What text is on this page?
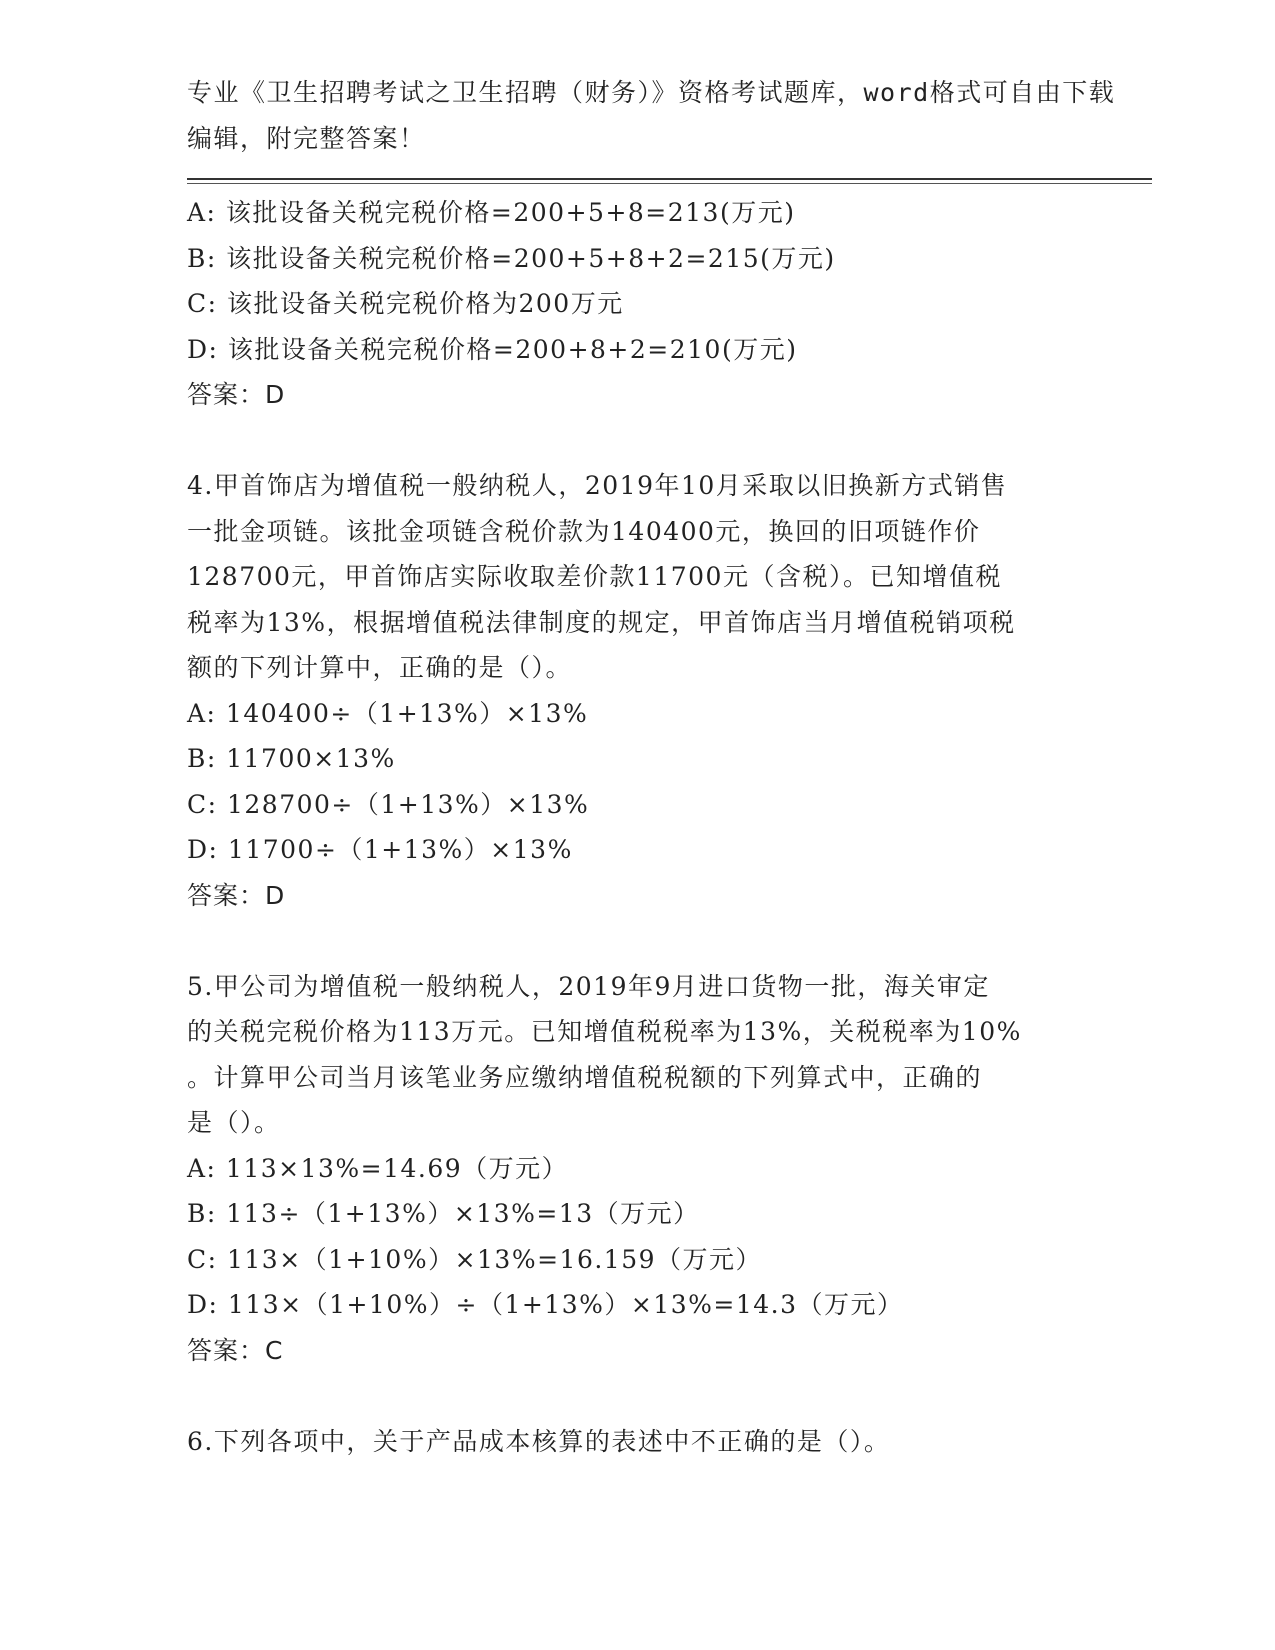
专业《卫生招聘考试之卫生招聘（财务）》资格考试题库，word格式可自由下载
编辑，附完整答案！
A: 该批设备关税完税价格=200+5+8=213(万元)
B: 该批设备关税完税价格=200+5+8+2=215(万元)
C: 该批设备关税完税价格为200万元
D: 该批设备关税完税价格=200+8+2=210(万元)
答案：D
4.甲首饰店为增值税一般纳税人，2019年10月采取以旧换新方式销售
一批金项链。该批金项链含税价款为140400元，换回的旧项链作价
128700元，甲首饰店实际收取差价款11700元（含税）。已知增值税
税率为13%，根据增值税法律制度的规定，甲首饰店当月增值税销项税
额的下列计算中，正确的是（）。
A: 140400÷（1+13%）×13%
B: 11700×13%
C: 128700÷（1+13%）×13%
D: 11700÷（1+13%）×13%
答案：D
5.甲公司为增值税一般纳税人，2019年9月进口货物一批，海关审定
的关税完税价格为113万元。已知增值税税率为13%，关税税率为10%
。计算甲公司当月该笔业务应缴纳增值税税额的下列算式中，正确的
是（）。
A: 113×13%=14.69（万元）
B: 113÷（1+13%）×13%=13（万元）
C: 113×（1+10%）×13%=16.159（万元）
D: 113×（1+10%）÷（1+13%）×13%=14.3（万元）
答案：C
6.下列各项中，关于产品成本核算的表述中不正确的是（）。
